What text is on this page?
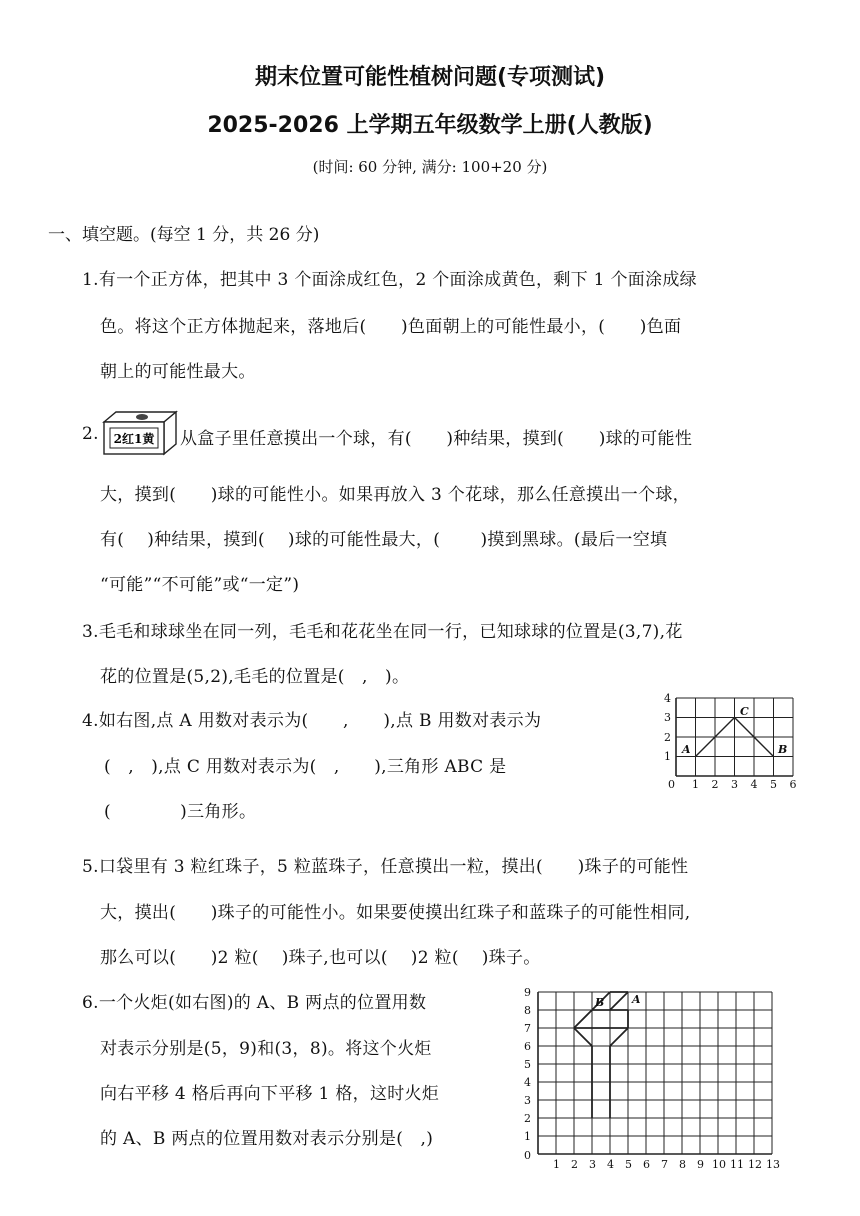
期末位置可能性植树问题(专项测试)
2025-2026 上学期五年级数学上册(人教版)
(时间: 60 分钟, 满分: 100+20 分)
一、填空题。(每空 1 分，共 26 分)
1.有一个正方体，把其中 3 个面涂成红色，2 个面涂成黄色，剩下 1 个面涂成绿
色。将这个正方体抛起来，落地后(　　)色面朝上的可能性最小，(　　)色面
朝上的可能性最大。
2. 2红1黄 从盒子里任意摸出一个球，有(　　)种结果，摸到(　　)球的可能性
大，摸到(　　)球的可能性小。如果再放入 3 个花球，那么任意摸出一个球，
有(　 )种结果，摸到(　 )球的可能性最大，(　　 )摸到黑球。(最后一空填
“可能”“不可能”或“一定”)
3.毛毛和球球坐在同一列，毛毛和花花坐在同一行，已知球球的位置是(3,7),花
花的位置是(5,2),毛毛的位置是(　,　)。
4.如右图,点 A 用数对表示为(　　,　　),点 B 用数对表示为
(　,　),点 C 用数对表示为(　,　　),三角形 ABC 是
(　　　　)三角形。
0 1 2 3 4 5 6
1
2
3
4
A	B
C
5.口袋里有 3 粒红珠子，5 粒蓝珠子，任意摸出一粒，摸出(　　)珠子的可能性
大，摸出(　　)珠子的可能性小。如果要使摸出红珠子和蓝珠子的可能性相同,
那么可以(　　)2 粒(　 )珠子,也可以(　 )2 粒(　 )珠子。
6.一个火炬(如右图)的 A、B 两点的位置用数
对表示分别是(5，9)和(3，8)。将这个火炬
向右平移 4 格后再向下平移 1 格，这时火炬
的 A、B 两点的位置用数对表示分别是(　,)
0
1 2 3 4 5 6 7 8 9 10 11 12 13
1
2
3
4
5
6
7
8
9
A
B
